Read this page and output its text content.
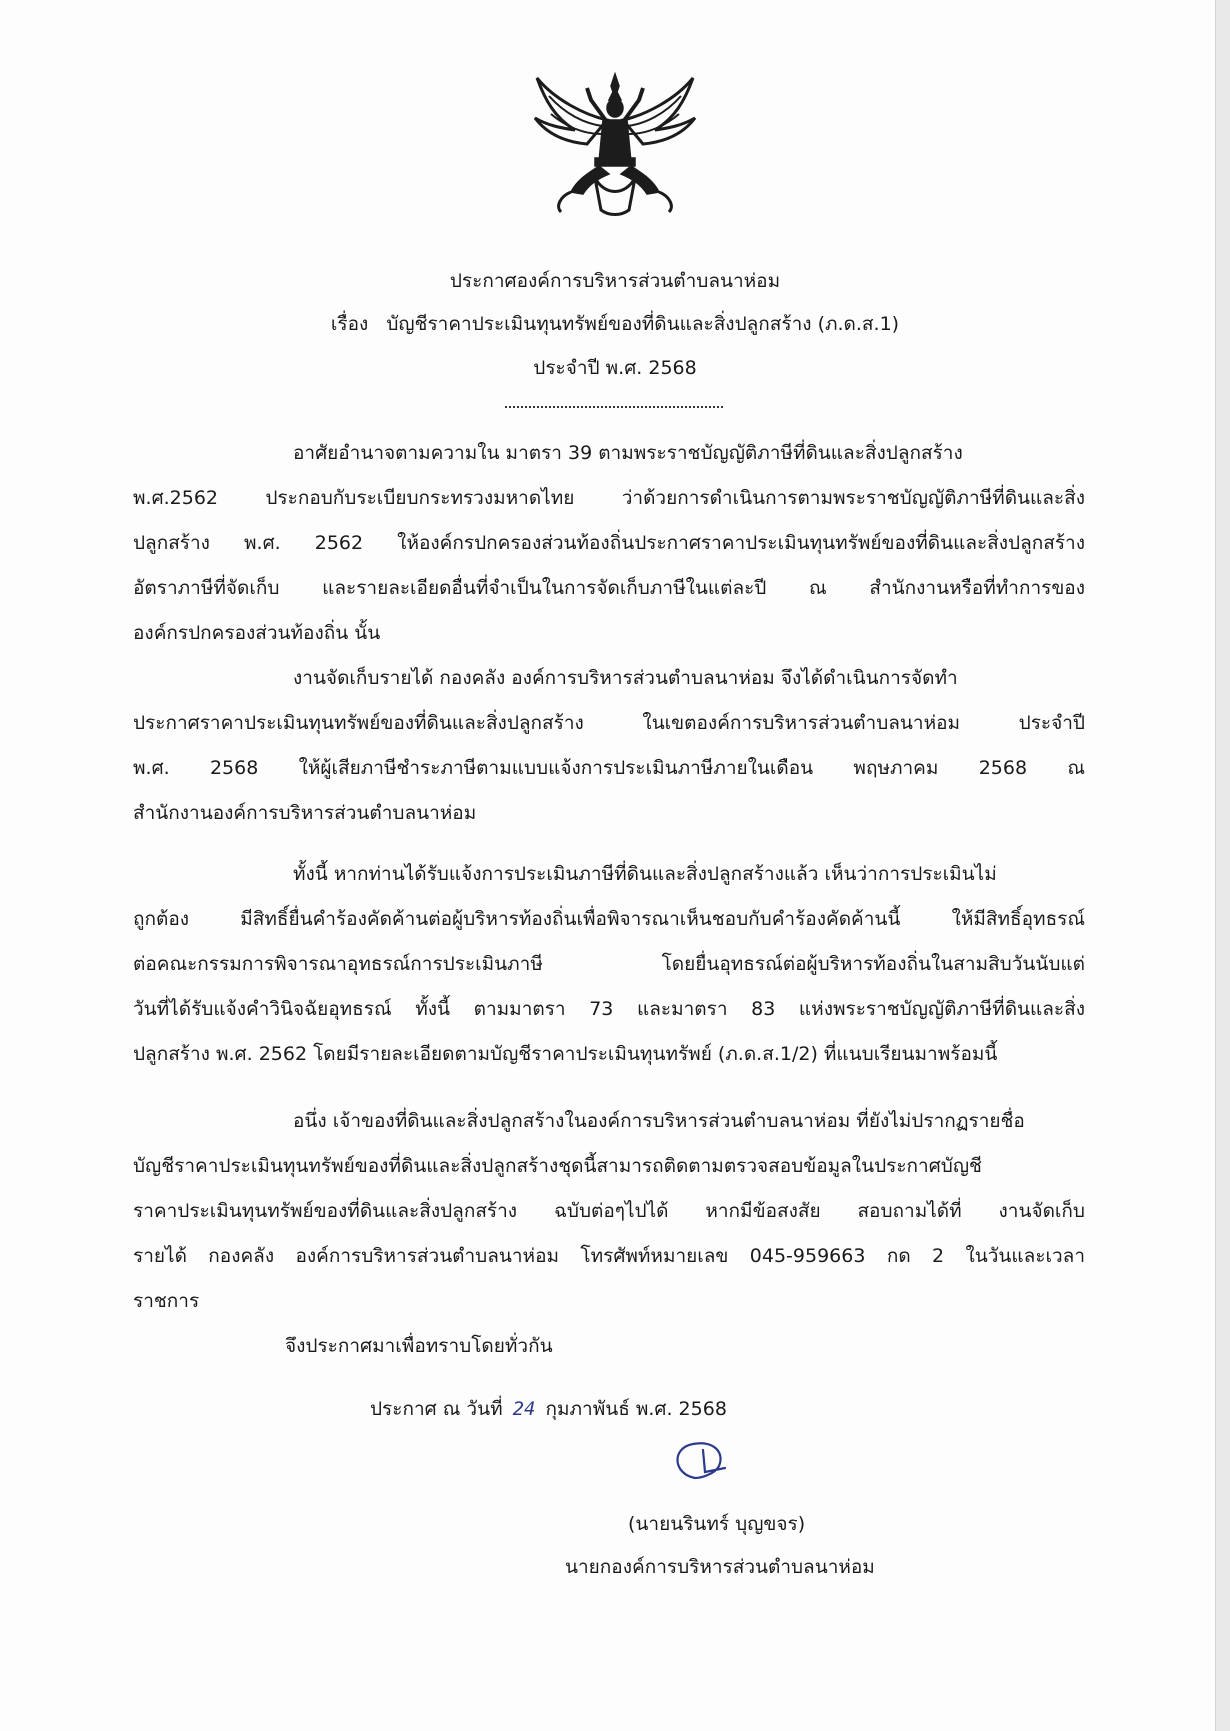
ประกาศองค์การบริหารส่วนตำบลนาห่อม
เรื่อง บัญชีราคาประเมินทุนทรัพย์ของที่ดินและสิ่งปลูกสร้าง (ภ.ด.ส.1)
ประจำปี พ.ศ. 2568
อาศัยอำนาจตามความใน มาตรา 39 ตามพระราชบัญญัติภาษีที่ดินและสิ่งปลูกสร้าง
พ.ศ.2562 ประกอบกับระเบียบกระทรวงมหาดไทย ว่าด้วยการดำเนินการตามพระราชบัญญัติภาษีที่ดินและสิ่ง
ปลูกสร้าง พ.ศ. 2562 ให้องค์กรปกครองส่วนท้องถิ่นประกาศราคาประเมินทุนทรัพย์ของที่ดินและสิ่งปลูกสร้าง
อัตราภาษีที่จัดเก็บ และรายละเอียดอื่นที่จำเป็นในการจัดเก็บภาษีในแต่ละปี ณ สำนักงานหรือที่ทำการของ
องค์กรปกครองส่วนท้องถิ่น นั้น
งานจัดเก็บรายได้ กองคลัง องค์การบริหารส่วนตำบลนาห่อม จึงได้ดำเนินการจัดทำ
ประกาศราคาประเมินทุนทรัพย์ของที่ดินและสิ่งปลูกสร้าง ในเขตองค์การบริหารส่วนตำบลนาห่อม ประจำปี
พ.ศ. 2568 ให้ผู้เสียภาษีชำระภาษีตามแบบแจ้งการประเมินภาษีภายในเดือน พฤษภาคม 2568 ณ
สำนักงานองค์การบริหารส่วนตำบลนาห่อม
ทั้งนี้ หากท่านได้รับแจ้งการประเมินภาษีที่ดินและสิ่งปลูกสร้างแล้ว เห็นว่าการประเมินไม่
ถูกต้อง มีสิทธิ์ยื่นคำร้องคัดค้านต่อผู้บริหารท้องถิ่นเพื่อพิจารณาเห็นชอบกับคำร้องคัดค้านนี้ ให้มีสิทธิ์อุทธรณ์
ต่อคณะกรรมการพิจารณาอุทธรณ์การประเมินภาษี โดยยื่นอุทธรณ์ต่อผู้บริหารท้องถิ่นในสามสิบวันนับแต่
วันที่ได้รับแจ้งคำวินิจฉัยอุทธรณ์ ทั้งนี้ ตามมาตรา 73 และมาตรา 83 แห่งพระราชบัญญัติภาษีที่ดินและสิ่ง
ปลูกสร้าง พ.ศ. 2562 โดยมีรายละเอียดตามบัญชีราคาประเมินทุนทรัพย์ (ภ.ด.ส.1/2) ที่แนบเรียนมาพร้อมนี้
อนึ่ง เจ้าของที่ดินและสิ่งปลูกสร้างในองค์การบริหารส่วนตำบลนาห่อม ที่ยังไม่ปรากฏรายชื่อ
บัญชีราคาประเมินทุนทรัพย์ของที่ดินและสิ่งปลูกสร้างชุดนี้สามารถติดตามตรวจสอบข้อมูลในประกาศบัญชี
ราคาประเมินทุนทรัพย์ของที่ดินและสิ่งปลูกสร้าง ฉบับต่อๆไปได้ หากมีข้อสงสัย สอบถามได้ที่ งานจัดเก็บ
รายได้ กองคลัง องค์การบริหารส่วนตำบลนาห่อม โทรศัพท์หมายเลข 045-959663 กด 2 ในวันและเวลา
ราชการ
จึงประกาศมาเพื่อทราบโดยทั่วกัน
ประกาศ ณ วันที่ 24 กุมภาพันธ์ พ.ศ. 2568
(นายนรินทร์ บุญขจร)
นายกองค์การบริหารส่วนตำบลนาห่อม
